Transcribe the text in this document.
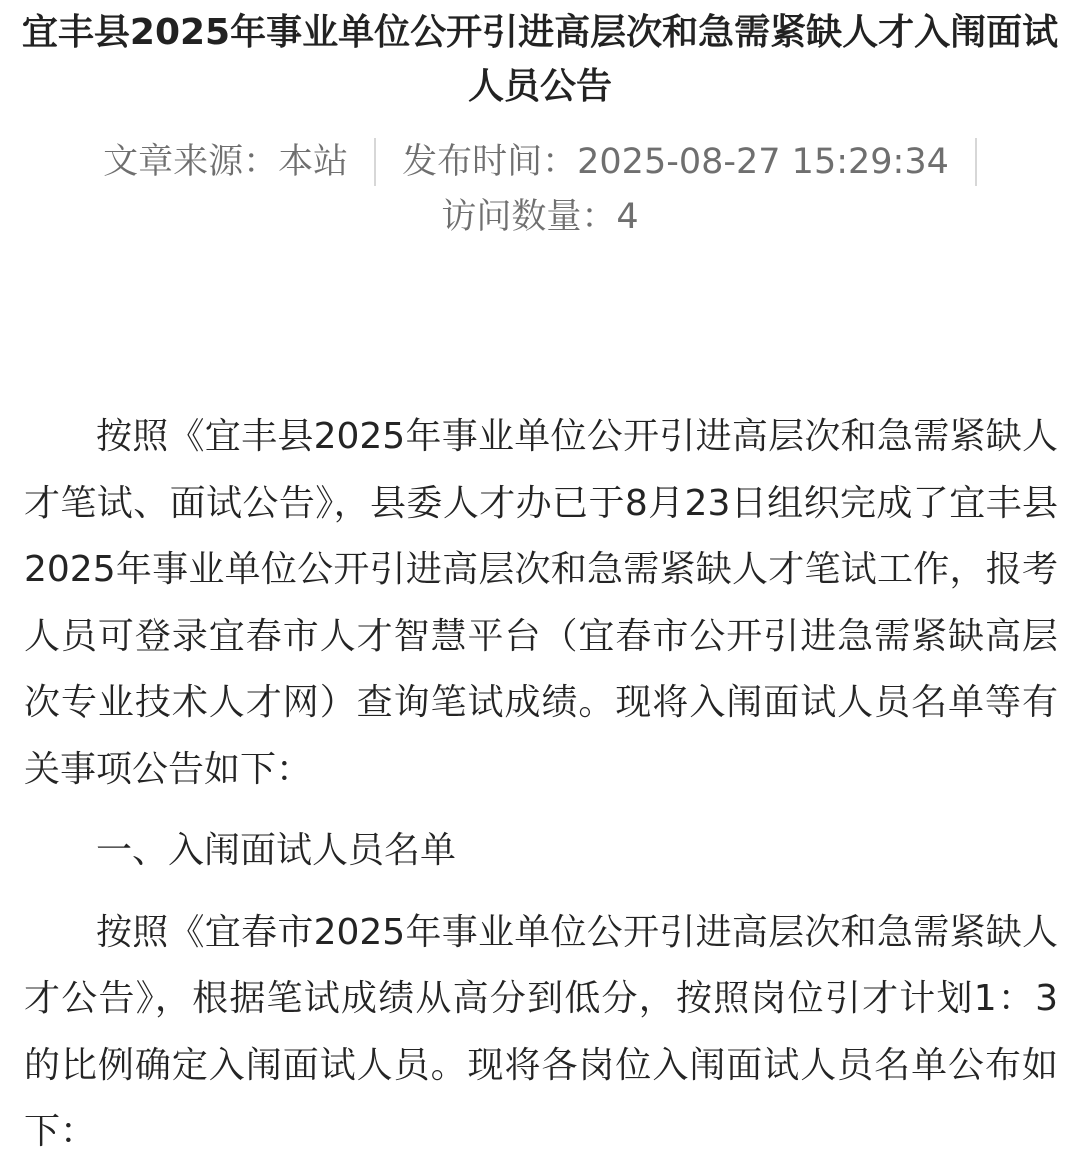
宜丰县2025年事业单位公开引进高层次和急需紧缺人才入闱面试人员公告
文章来源：本站 发布时间：2025-08-27 15:29:34
访问数量：4

按照《宜丰县2025年事业单位公开引进高层次和急需紧缺人才笔试、面试公告》，县委人才办已于8月23日组织完成了宜丰县2025年事业单位公开引进高层次和急需紧缺人才笔试工作，报考人员可登录宜春市人才智慧平台（宜春市公开引进急需紧缺高层次专业技术人才网）查询笔试成绩。现将入闱面试人员名单等有关事项公告如下：

一、入闱面试人员名单

按照《宜春市2025年事业单位公开引进高层次和急需紧缺人才公告》，根据笔试成绩从高分到低分，按照岗位引才计划1：3的比例确定入闱面试人员。现将各岗位入闱面试人员名单公布如下：
